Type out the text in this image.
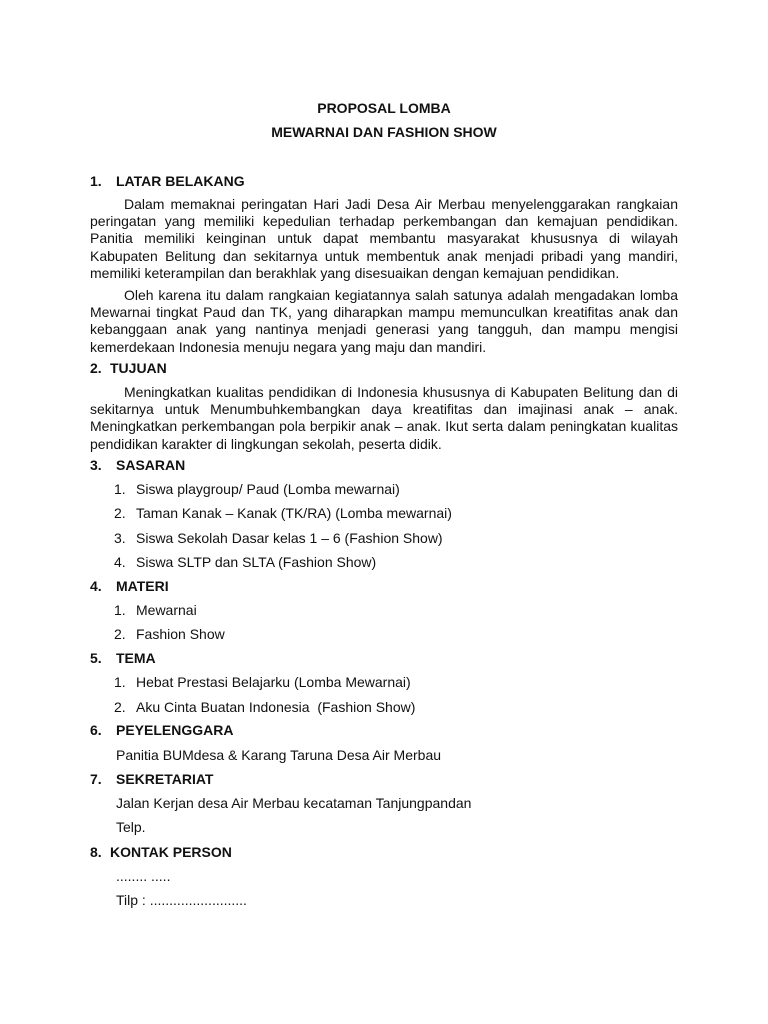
PROPOSAL LOMBA
MEWARNAI DAN FASHION SHOW
1. LATAR BELAKANG

Dalam memaknai peringatan Hari Jadi Desa Air Merbau menyelenggarakan rangkaian peringatan yang memiliki kepedulian terhadap perkembangan dan kemajuan pendidikan. Panitia memiliki keinginan untuk dapat membantu masyarakat khususnya di wilayah Kabupaten Belitung dan sekitarnya untuk membentuk anak menjadi pribadi yang mandiri, memiliki keterampilan dan berakhlak yang disesuaikan dengan kemajuan pendidikan.

Oleh karena itu dalam rangkaian kegiatannya salah satunya adalah mengadakan lomba Mewarnai tingkat Paud dan TK, yang diharapkan mampu memunculkan kreatifitas anak dan kebanggaan anak yang nantinya menjadi generasi yang tangguh, dan mampu mengisi kemerdekaan Indonesia menuju negara yang maju dan mandiri.

2. TUJUAN

Meningkatkan kualitas pendidikan di Indonesia khususnya di Kabupaten Belitung dan di sekitarnya untuk Menumbuhkembangkan daya kreatifitas dan imajinasi anak – anak. Meningkatkan perkembangan pola berpikir anak – anak. Ikut serta dalam peningkatan kualitas pendidikan karakter di lingkungan sekolah, peserta didik.

3. SASARAN
1. Siswa playgroup/ Paud (Lomba mewarnai)
2. Taman Kanak – Kanak (TK/RA) (Lomba mewarnai)
3. Siswa Sekolah Dasar kelas 1 – 6 (Fashion Show)
4. Siswa SLTP dan SLTA (Fashion Show)
4. MATERI
1. Mewarnai
2. Fashion Show
5. TEMA
1. Hebat Prestasi Belajarku (Lomba Mewarnai)
2. Aku Cinta Buatan Indonesia  (Fashion Show)
6. PEYELENGGARA
Panitia BUMdesa & Karang Taruna Desa Air Merbau
7. SEKRETARIAT
Jalan Kerjan desa Air Merbau kecataman Tanjungpandan
Telp.
8. KONTAK PERSON
........ .....
Tilp : .........................
